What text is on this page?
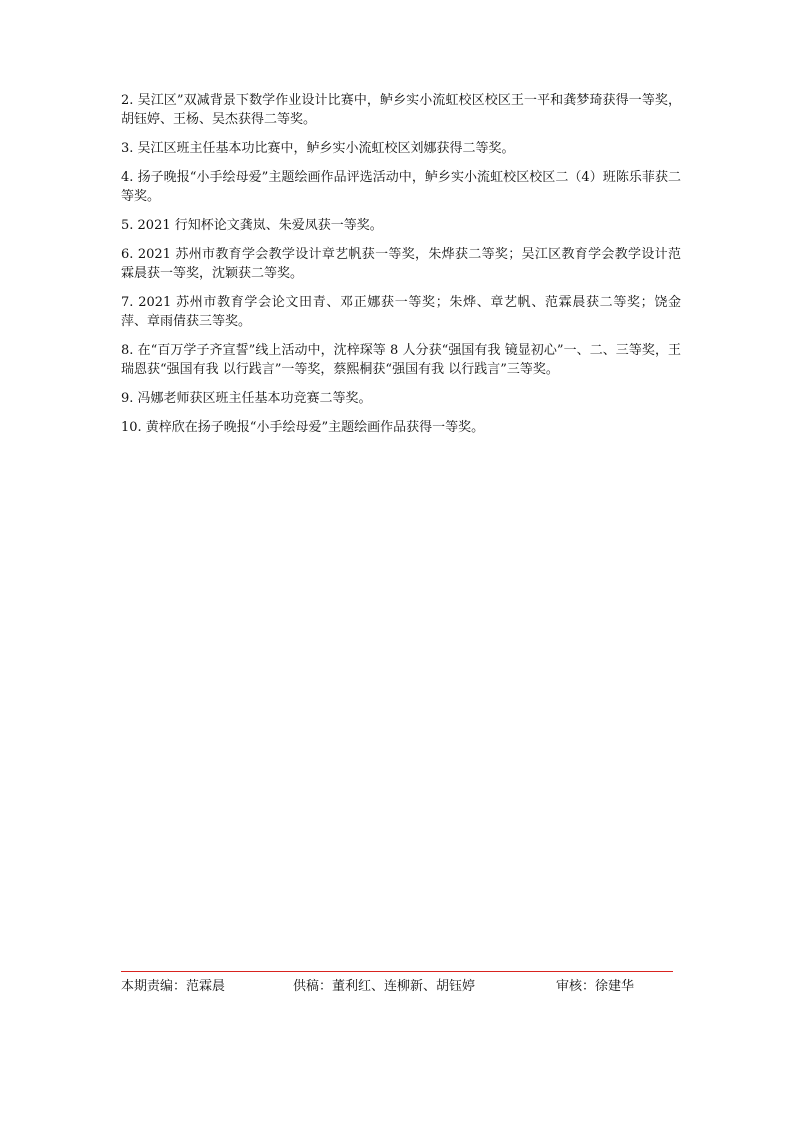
2. 吴江区”双减背景下数学作业设计比赛中，鲈乡实小流虹校区校区王一平和龚梦琦获得一等奖，胡钰婷、王杨、吴杰获得二等奖。

3. 吴江区班主任基本功比赛中，鲈乡实小流虹校区刘娜获得二等奖。

4. 扬子晚报“小手绘母爱”主题绘画作品评选活动中，鲈乡实小流虹校区校区二（4）班陈乐菲获二等奖。

5. 2021 行知杯论文龚岚、朱爱凤获一等奖。

6. 2021 苏州市教育学会教学设计章艺帆获一等奖，朱烨获二等奖；吴江区教育学会教学设计范霖晨获一等奖，沈颖获二等奖。

7. 2021 苏州市教育学会论文田青、邓正娜获一等奖；朱烨、章艺帆、范霖晨获二等奖；饶金萍、章雨倩获三等奖。

8. 在“百万学子齐宣誓”线上活动中，沈梓琛等 8 人分获“强国有我 镜显初心”一、二、三等奖，王瑞恩获“强国有我 以行践言”一等奖，蔡熙桐获“强国有我 以行践言”三等奖。

9. 冯娜老师获区班主任基本功竞赛二等奖。

10. 黄梓欣在扬子晚报“小手绘母爱”主题绘画作品获得一等奖。

本期责编：范霖晨	供稿：董利红、连柳新、胡钰婷	审核：徐建华
